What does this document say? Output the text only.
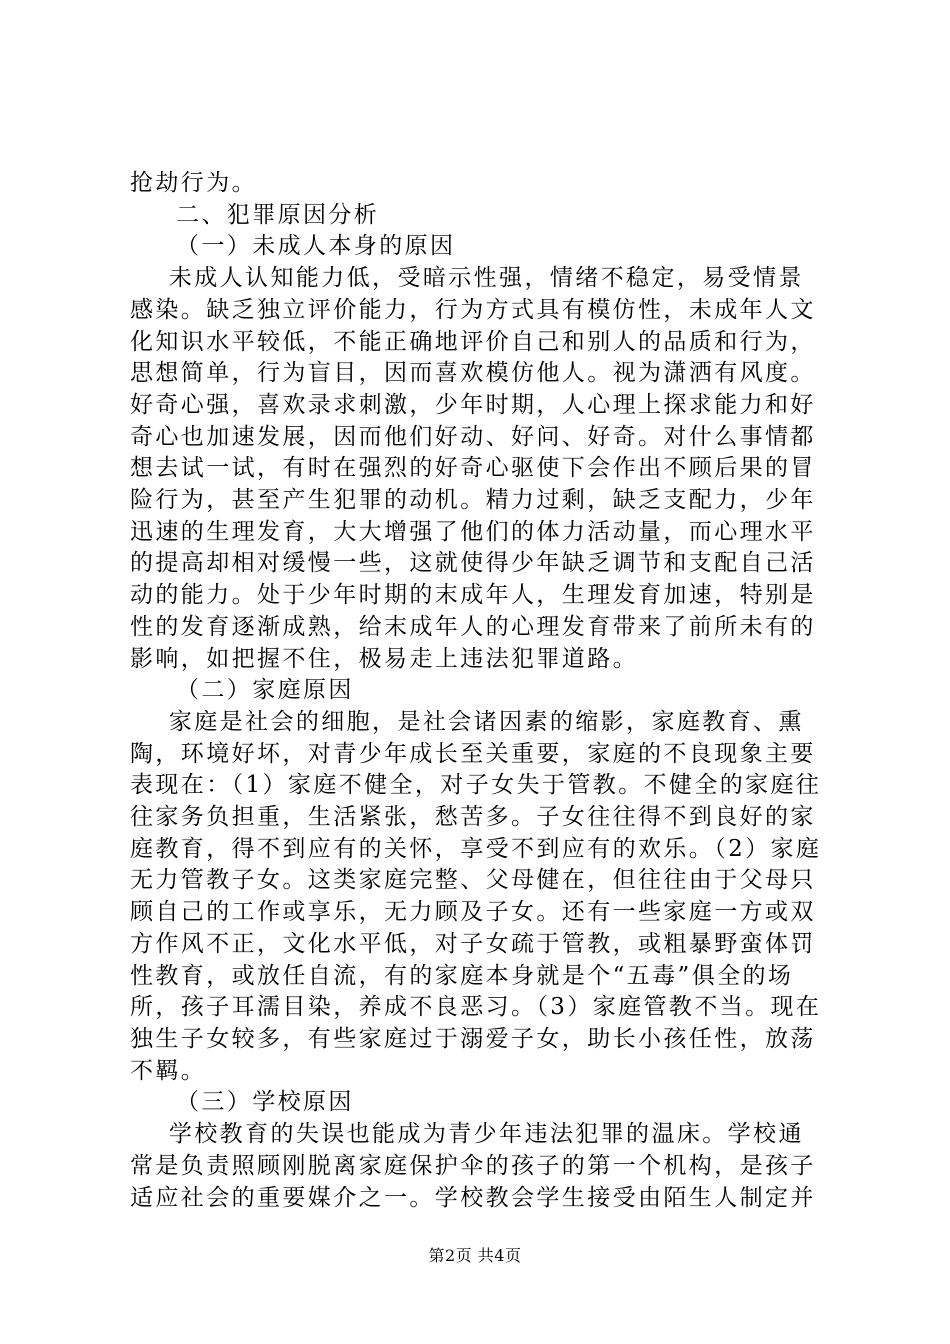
抢劫行为。
二、犯罪原因分析
（一）未成人本身的原因
未成人认知能力低，受暗示性强，情绪不稳定，易受情景
感染。缺乏独立评价能力，行为方式具有模仿性，未成年人文
化知识水平较低，不能正确地评价自己和别人的品质和行为，
思想简单，行为盲目，因而喜欢模仿他人。视为潇洒有风度。
好奇心强，喜欢录求刺激，少年时期，人心理上探求能力和好
奇心也加速发展，因而他们好动、好问、好奇。对什么事情都
想去试一试，有时在强烈的好奇心驱使下会作出不顾后果的冒
险行为，甚至产生犯罪的动机。精力过剩，缺乏支配力，少年
迅速的生理发育，大大增强了他们的体力活动量，而心理水平
的提高却相对缓慢一些，这就使得少年缺乏调节和支配自己活
动的能力。处于少年时期的末成年人，生理发育加速，特别是
性的发育逐渐成熟，给末成年人的心理发育带来了前所未有的
影响，如把握不住，极易走上违法犯罪道路。
（二）家庭原因
家庭是社会的细胞，是社会诸因素的缩影，家庭教育、熏
陶，环境好坏，对青少年成长至关重要，家庭的不良现象主要
表现在：（1）家庭不健全，对子女失于管教。不健全的家庭往
往家务负担重，生活紧张，愁苦多。子女往往得不到良好的家
庭教育，得不到应有的关怀，享受不到应有的欢乐。（2）家庭
无力管教子女。这类家庭完整、父母健在，但往往由于父母只
顾自己的工作或享乐，无力顾及子女。还有一些家庭一方或双
方作风不正，文化水平低，对子女疏于管教，或粗暴野蛮体罚
性教育，或放任自流，有的家庭本身就是个“五毒”俱全的场
所，孩子耳濡目染，养成不良恶习。（3）家庭管教不当。现在
独生子女较多，有些家庭过于溺爱子女，助长小孩任性，放荡
不羁。
（三）学校原因
学校教育的失误也能成为青少年违法犯罪的温床。学校通
常是负责照顾刚脱离家庭保护伞的孩子的第一个机构，是孩子
适应社会的重要媒介之一。学校教会学生接受由陌生人制定并
第2页 共4页
